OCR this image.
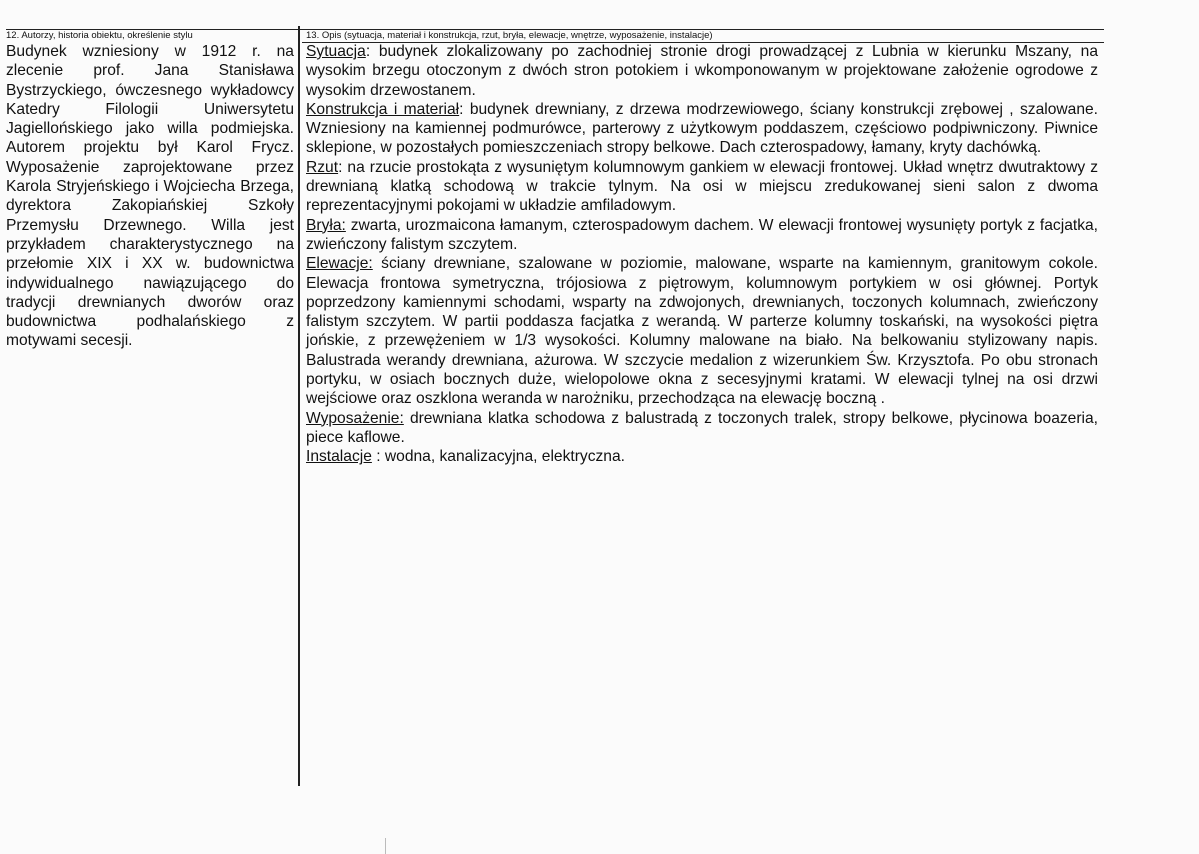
12. Autorzy, historia obiektu, określenie stylu	13. Opis (sytuacja, materiał i konstrukcja, rzut, bryła, elewacje, wnętrze, wyposażenie, instalacje)
Budynek wzniesiony w 1912 r. na zlecenie prof. Jana Stanisława Bystrzyckiego, ówczesnego wykładowcy Katedry Filologii Uniwersytetu Jagiellońskiego jako willa podmiejska. Autorem projektu był Karol Frycz. Wyposażenie zaprojektowane przez Karola Stryjeńskiego i Wojciecha Brzega, dyrektora Zakopiańskiej Szkoły Przemysłu Drzewnego. Willa jest przykładem charakterystycznego na przełomie XIX i XX w. budownictwa indywidualnego nawiązującego do tradycji drewnianych dworów oraz budownictwa podhalańskiego z motywami secesji.

Sytuacja: budynek zlokalizowany po zachodniej stronie drogi prowadzącej z Lubnia w kierunku Mszany, na wysokim brzegu otoczonym z dwóch stron potokiem i wkomponowanym w projektowane założenie ogrodowe z wysokim drzewostanem.

Konstrukcja i materiał: budynek drewniany, z drzewa modrzewiowego, ściany konstrukcji zrębowej , szalowane. Wzniesiony na kamiennej podmurówce, parterowy z użytkowym poddaszem, częściowo podpiwniczony. Piwnice sklepione, w pozostałych pomieszczeniach stropy belkowe. Dach czterospadowy, łamany, kryty dachówką.

Rzut: na rzucie prostokąta z wysuniętym kolumnowym gankiem w elewacji frontowej. Układ wnętrz dwutraktowy z drewnianą klatką schodową w trakcie tylnym. Na osi w miejscu zredukowanej sieni salon z dwoma reprezentacyjnymi pokojami w układzie amfiladowym.

Bryła: zwarta, urozmaicona łamanym, czterospadowym dachem. W elewacji frontowej wysunięty portyk z facjatka, zwieńczony falistym szczytem.

Elewacje: ściany drewniane, szalowane w poziomie, malowane, wsparte na kamiennym, granitowym cokole. Elewacja frontowa symetryczna, trójosiowa z piętrowym, kolumnowym portykiem w osi głównej. Portyk poprzedzony kamiennymi schodami, wsparty na zdwojonych, drewnianych, toczonych kolumnach, zwieńczony falistym szczytem. W partii poddasza facjatka z werandą. W parterze kolumny toskański, na wysokości piętra jońskie, z przewężeniem w 1/3 wysokości. Kolumny malowane na biało. Na belkowaniu stylizowany napis. Balustrada werandy drewniana, ażurowa. W szczycie medalion z wizerunkiem Św. Krzysztofa. Po obu stronach portyku, w osiach bocznych duże, wielopolowe okna z secesyjnymi kratami. W elewacji tylnej na osi drzwi wejściowe oraz oszklona weranda w narożniku, przechodząca na elewację boczną .

Wyposażenie: drewniana klatka schodowa z balustradą z toczonych tralek, stropy belkowe, płycinowa boazeria, piece kaflowe.

Instalacje : wodna, kanalizacyjna, elektryczna.
